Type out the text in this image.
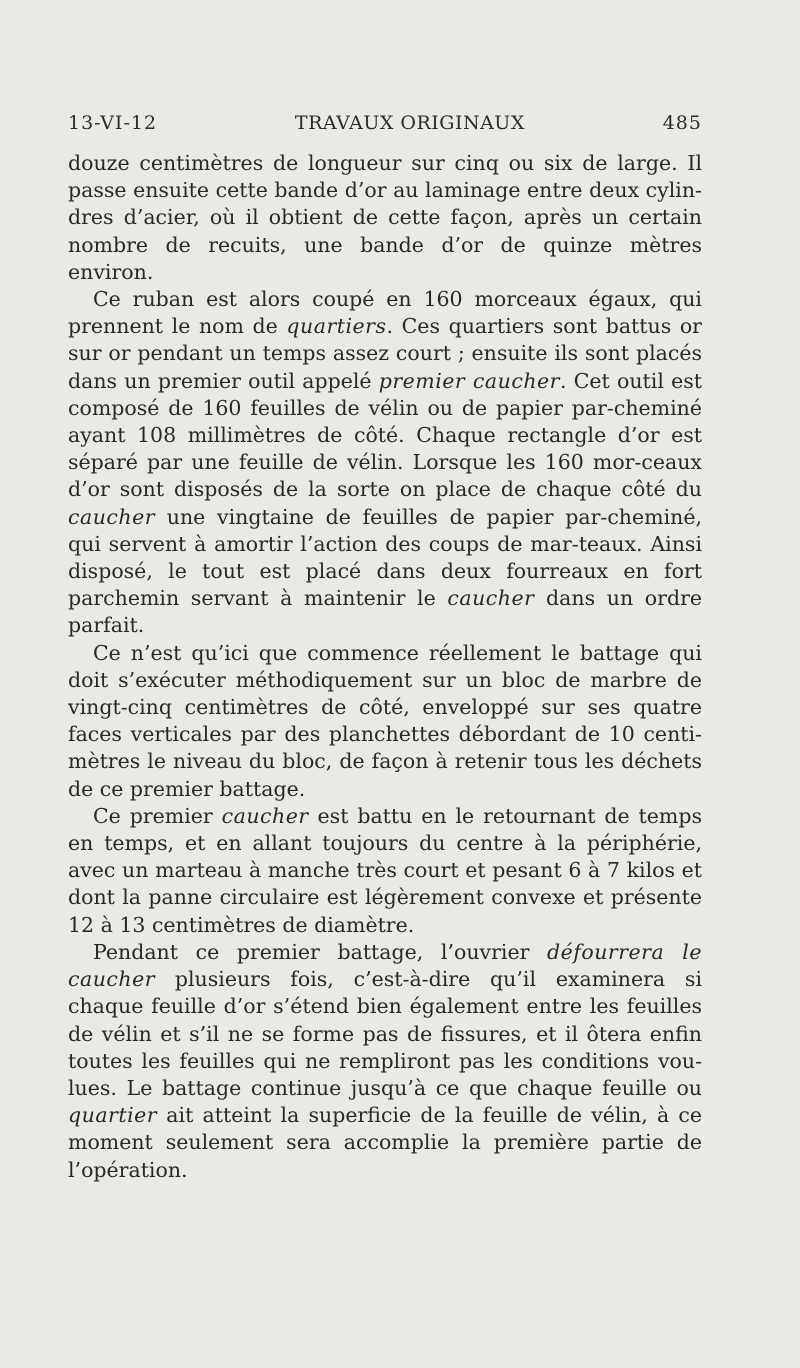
13-VI-12	TRAVAUX ORIGINAUX	485

douze centimètres de longueur sur cinq ou six de large. Il passe ensuite cette bande d’or au laminage entre deux cylin-dres d’acier, où il obtient de cette façon, après un certain nombre de recuits, une bande d’or de quinze mètres environ.

Ce ruban est alors coupé en 160 morceaux égaux, qui prennent le nom de quartiers. Ces quartiers sont battus or sur or pendant un temps assez court ; ensuite ils sont placés dans un premier outil appelé premier caucher. Cet outil est composé de 160 feuilles de vélin ou de papier par-cheminé ayant 108 millimètres de côté. Chaque rectangle d’or est séparé par une feuille de vélin. Lorsque les 160 mor-ceaux d’or sont disposés de la sorte on place de chaque côté du caucher une vingtaine de feuilles de papier par-cheminé, qui servent à amortir l’action des coups de mar-teaux. Ainsi disposé, le tout est placé dans deux fourreaux en fort parchemin servant à maintenir le caucher dans un ordre parfait.

Ce n’est qu’ici que commence réellement le battage qui doit s’exécuter méthodiquement sur un bloc de marbre de vingt-cinq centimètres de côté, enveloppé sur ses quatre faces verticales par des planchettes débordant de 10 centi-mètres le niveau du bloc, de façon à retenir tous les déchets de ce premier battage.

Ce premier caucher est battu en le retournant de temps en temps, et en allant toujours du centre à la périphérie, avec un marteau à manche très court et pesant 6 à 7 kilos et dont la panne circulaire est légèrement convexe et présente 12 à 13 centimètres de diamètre.

Pendant ce premier battage, l’ouvrier défourrera le caucher plusieurs fois, c’est-à-dire qu’il examinera si chaque feuille d’or s’étend bien également entre les feuilles de vélin et s’il ne se forme pas de fissures, et il ôtera enfin toutes les feuilles qui ne rempliront pas les conditions vou-lues. Le battage continue jusqu’à ce que chaque feuille ou quartier ait atteint la superficie de la feuille de vélin, à ce moment seulement sera accomplie la première partie de l’opération.
